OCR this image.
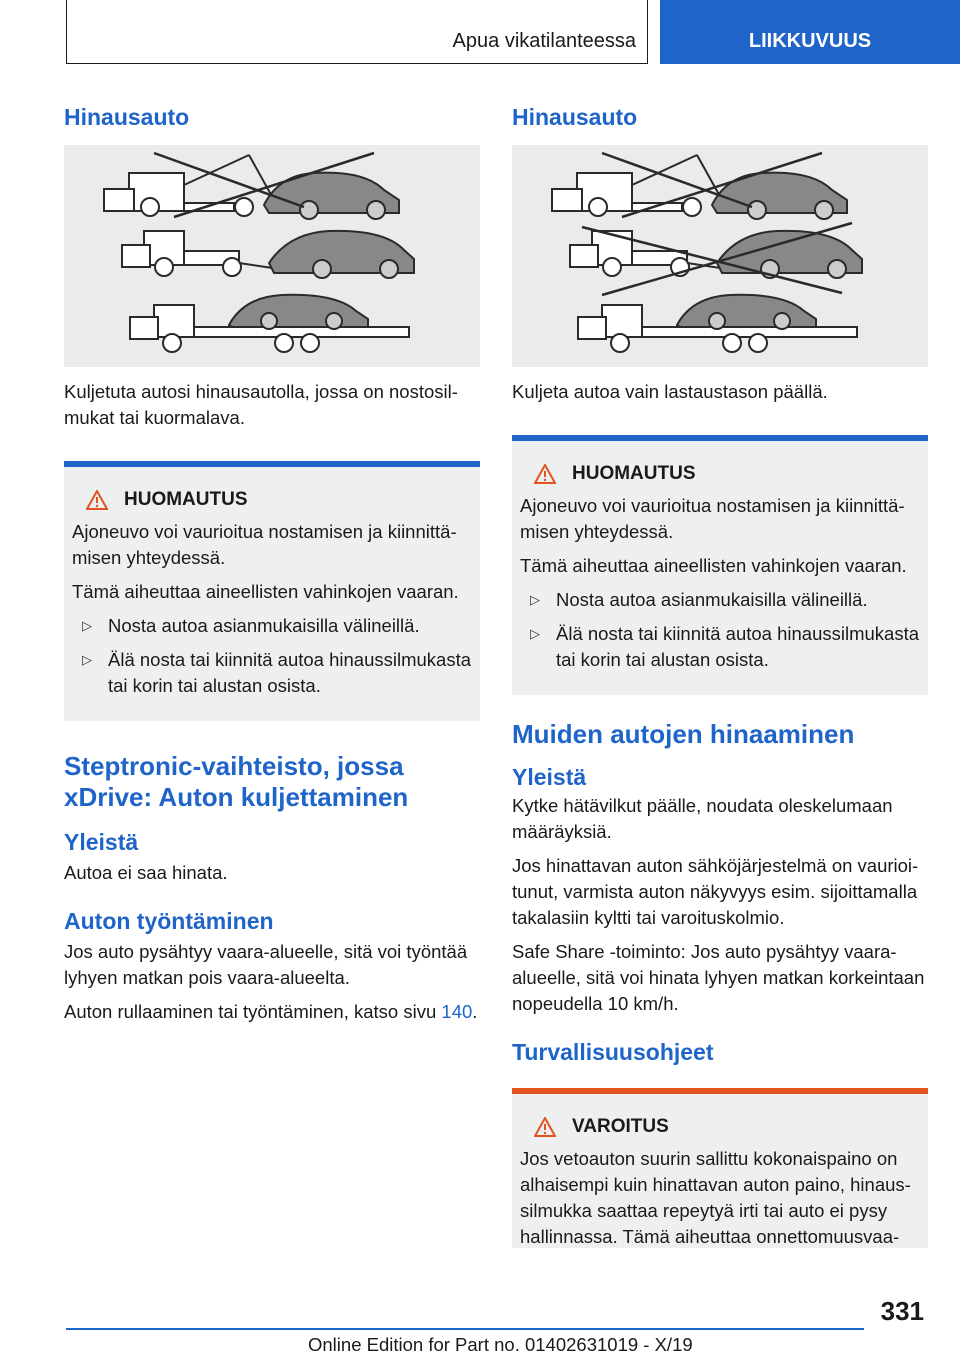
Apua vikatilanteessa	LIIKKUVUUS
Hinausauto

Kuljetuta autosi hinausautolla, jossa on nostosilmukat tai kuormalava.

HUOMAUTUS

Ajoneuvo voi vaurioitua nostamisen ja kiinnittämisen yhteydessä.

Tämä aiheuttaa aineellisten vahinkojen vaaran.

▷ Nosta autoa asianmukaisilla välineillä.
▷ Älä nosta tai kiinnitä autoa hinaussilmukasta tai korin tai alustan osista.
Steptronic-vaihteisto, jossa xDrive: Auton kuljettaminen
Yleistä

Autoa ei saa hinata.

Auton työntäminen

Jos auto pysähtyy vaara-alueelle, sitä voi työntää lyhyen matkan pois vaara-alueelta.

Auton rullaaminen tai työntäminen, katso sivu 140.

Hinausauto

Kuljeta autoa vain lastaustason päällä.

HUOMAUTUS

Ajoneuvo voi vaurioitua nostamisen ja kiinnittämisen yhteydessä.

Tämä aiheuttaa aineellisten vahinkojen vaaran.

▷ Nosta autoa asianmukaisilla välineillä.
▷ Älä nosta tai kiinnitä autoa hinaussilmukasta tai korin tai alustan osista.
Muiden autojen hinaaminen
Yleistä

Kytke hätävilkut päälle, noudata oleskelumaan määräyksiä.

Jos hinattavan auton sähköjärjestelmä on vaurioitunut, varmista auton näkyvyys esim. sijoittamalla takalasiin kyltti tai varoituskolmio.

Safe Share -toiminto: Jos auto pysähtyy vaara-alueelle, sitä voi hinata lyhyen matkan korkeintaan nopeudella 10 km/h.

Turvallisuusohjeet
VAROITUS

Jos vetoauton suurin sallittu kokonaispaino on alhaisempi kuin hinattavan auton paino, hinaussilmukka saattaa repeytyä irti tai auto ei pysy hallinnassa. Tämä aiheuttaa onnettomuusvaa-

331
Online Edition for Part no. 01402631019 - X/19
